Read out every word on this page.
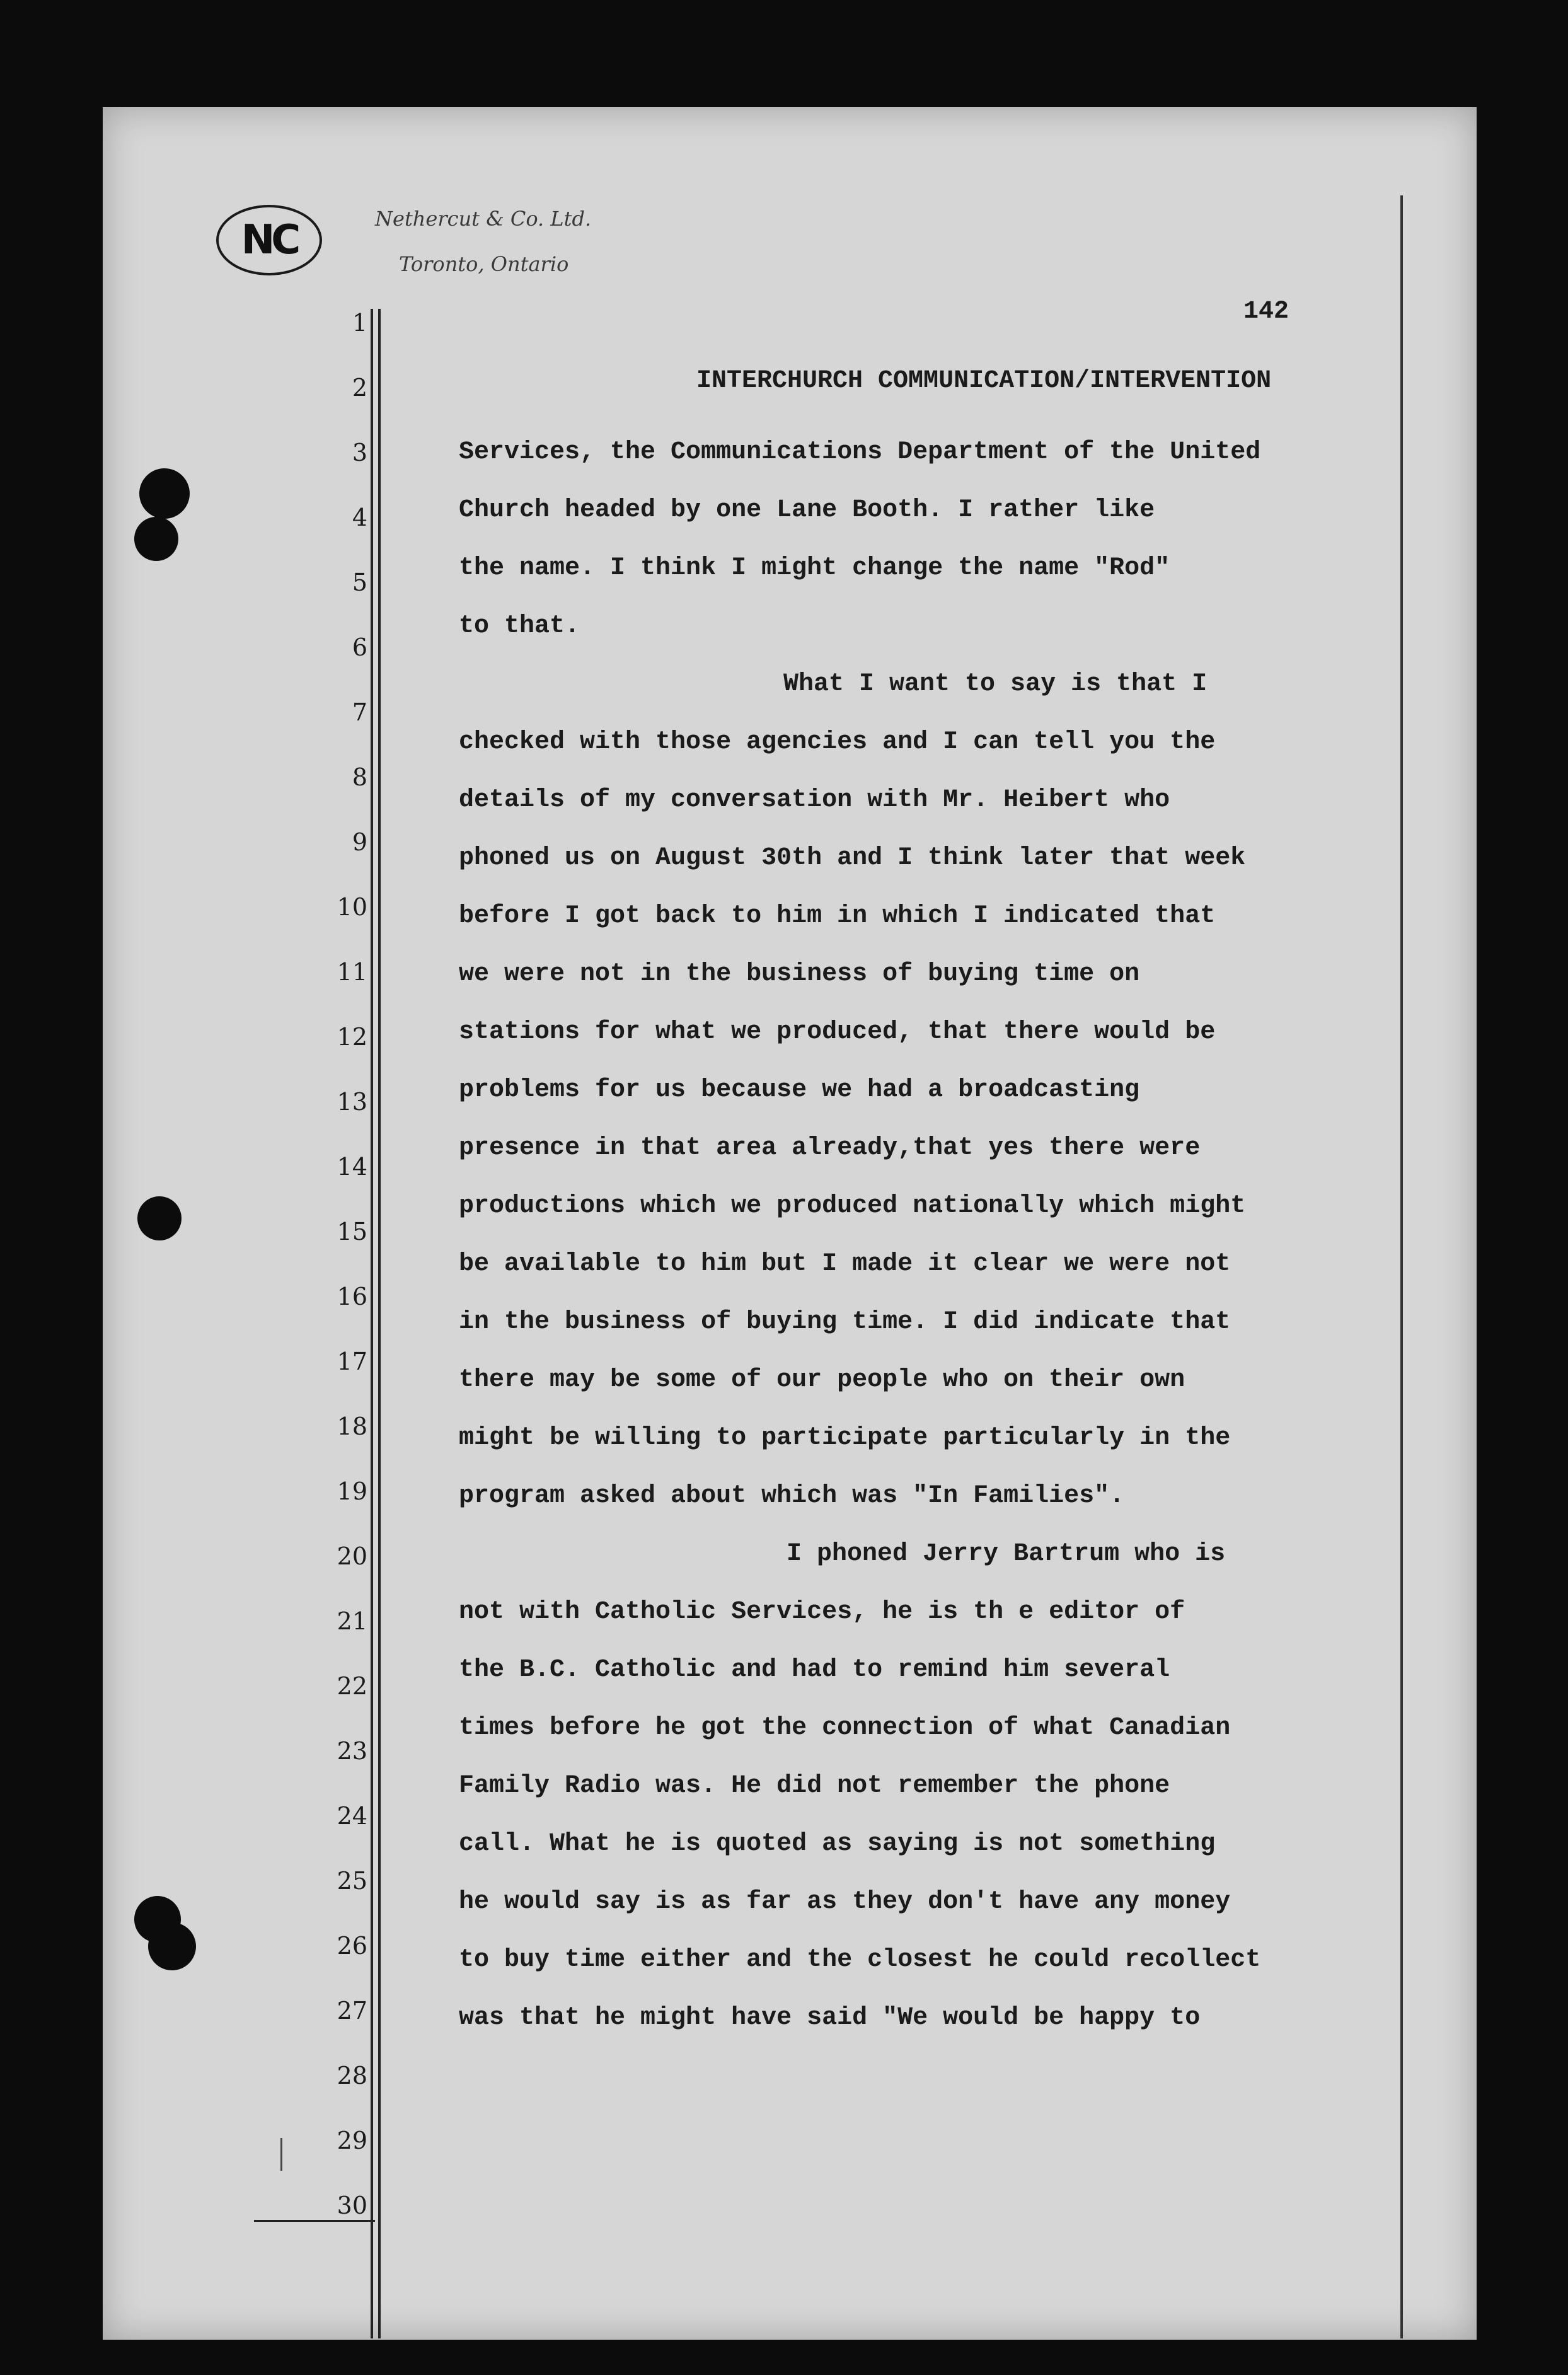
NC	Nethercut & Co. Ltd.
Toronto, Ontario
1
2
3
4
5
6
7
8
9
10
11
12
13
14
15
16
17
18
19
20
21
22
23
24
25
26
27
28
29
30
142
INTERCHURCH COMMUNICATION/INTERVENTION
Services, the Communications Department of the United
Church headed by one Lane Booth. I rather like
the name. I think I might change the name "Rod"
to that.
What I want to say is that I
checked with those agencies and I can tell you the
details of my conversation with Mr. Heibert who
phoned us on August 30th and I think later that week
before I got back to him in which I indicated that
we were not in the business of buying time on
stations for what we produced, that there would be
problems for us because we had a broadcasting
presence in that area already,that yes there were
productions which we produced nationally which might
be available to him but I made it clear we were not
in the business of buying time. I did indicate that
there may be some of our people who on their own
might be willing to participate particularly in the
program asked about which was "In Families".
I phoned Jerry Bartrum who is
not with Catholic Services, he is th e editor of
the B.C. Catholic and had to remind him several
times before he got the connection of what Canadian
Family Radio was. He did not remember the phone
call. What he is quoted as saying is not something
he would say is as far as they don't have any money
to buy time either and the closest he could recollect
was that he might have said "We would be happy to
